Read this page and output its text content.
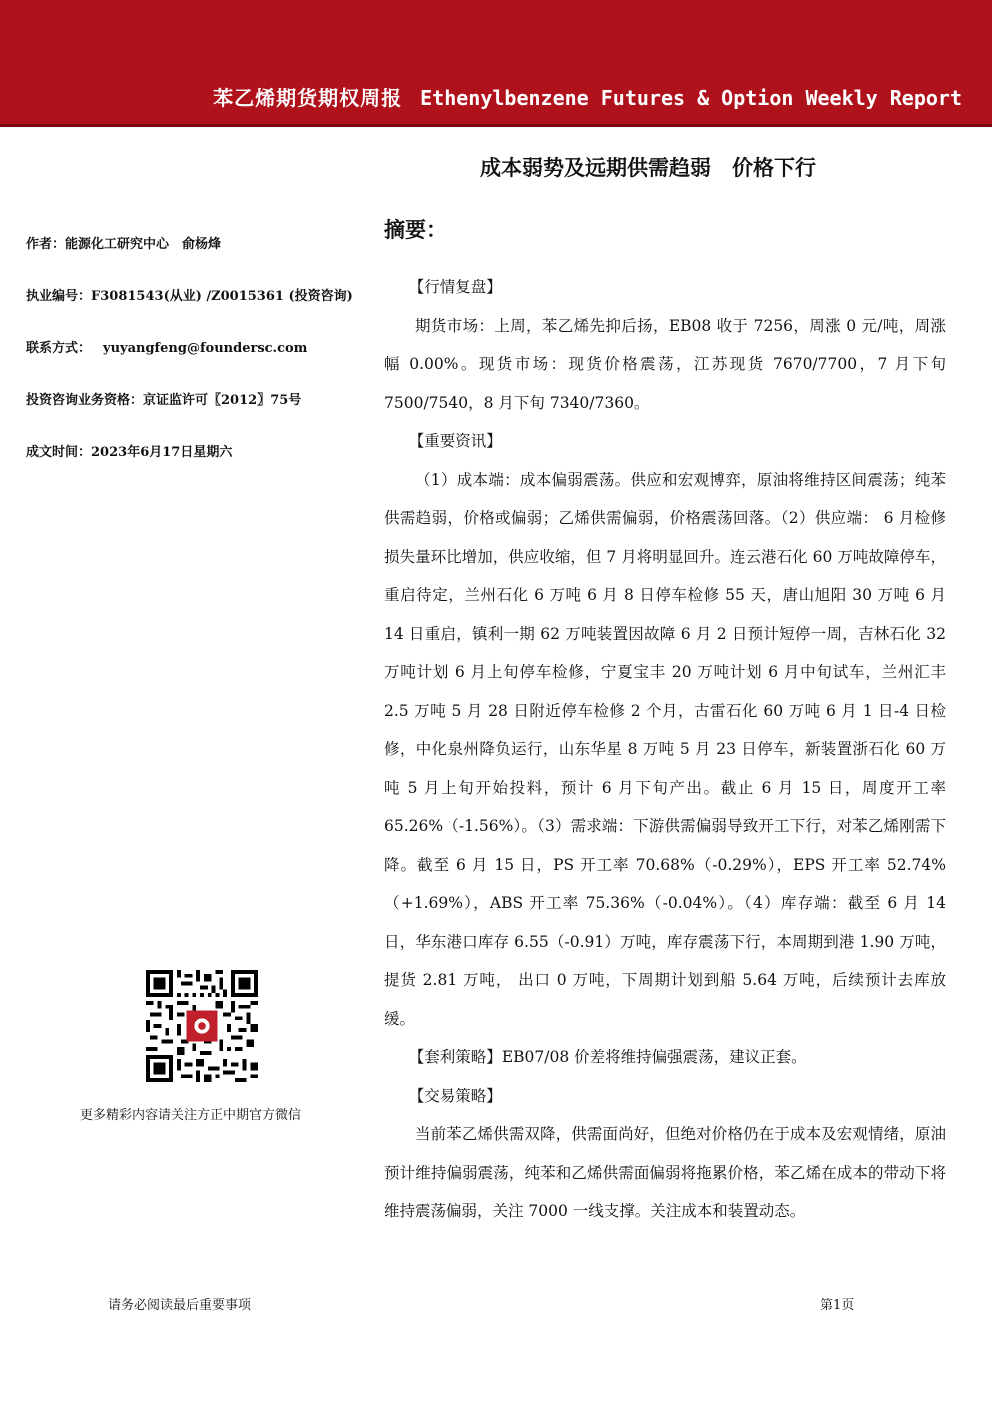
苯乙烯期货期权周报 Ethenylbenzene Futures & Option Weekly Report
成本弱势及远期供需趋弱　价格下行
作者：能源化工研究中心　俞杨烽
执业编号：F3081543(从业) /Z0015361 (投资咨询)
联系方式： yuyangfeng@foundersc.com
投资咨询业务资格：京证监许可〖2012〗75号
成文时间：2023年6月17日星期六
更多精彩内容请关注方正中期官方微信
摘要：

【行情复盘】

期货市场：上周，苯乙烯先抑后扬，EB08 收于 7256，周涨 0 元/吨，周涨幅 0.00%。现货市场：现货价格震荡，江苏现货 7670/7700，7 月下旬 7500/7540，8 月下旬 7340/7360。

【重要资讯】

（1）成本端：成本偏弱震荡。供应和宏观博弈，原油将维持区间震荡；纯苯供需趋弱，价格或偏弱；乙烯供需偏弱，价格震荡回落。（2）供应端： 6 月检修损失量环比增加，供应收缩，但 7 月将明显回升。连云港石化 60 万吨故障停车，重启待定，兰州石化 6 万吨 6 月 8 日停车检修 55 天，唐山旭阳 30 万吨 6 月 14 日重启，镇利一期 62 万吨装置因故障 6 月 2 日预计短停一周，吉林石化 32 万吨计划 6 月上旬停车检修，宁夏宝丰 20 万吨计划 6 月中旬试车，兰州汇丰 2.5 万吨 5 月 28 日附近停车检修 2 个月，古雷石化 60 万吨 6 月 1 日-4 日检修，中化泉州降负运行，山东华星 8 万吨 5 月 23 日停车，新装置浙石化 60 万吨 5 月上旬开始投料，预计 6 月下旬产出。截止 6 月 15 日，周度开工率 65.26%（-1.56%）。（3）需求端：下游供需偏弱导致开工下行，对苯乙烯刚需下降。截至 6 月 15 日，PS 开工率 70.68%（-0.29%），EPS 开工率 52.74%（+1.69%），ABS 开工率 75.36%（-0.04%）。（4）库存端：截至 6 月 14 日，华东港口库存 6.55（-0.91）万吨，库存震荡下行，本周期到港 1.90 万吨，提货 2.81 万吨， 出口 0 万吨，下周期计划到船 5.64 万吨，后续预计去库放缓。

【套利策略】EB07/08 价差将维持偏强震荡，建议正套。

【交易策略】

当前苯乙烯供需双降，供需面尚好，但绝对价格仍在于成本及宏观情绪，原油预计维持偏弱震荡，纯苯和乙烯供需面偏弱将拖累价格，苯乙烯在成本的带动下将维持震荡偏弱，关注 7000 一线支撑。关注成本和装置动态。

请务必阅读最后重要事项	第1页
